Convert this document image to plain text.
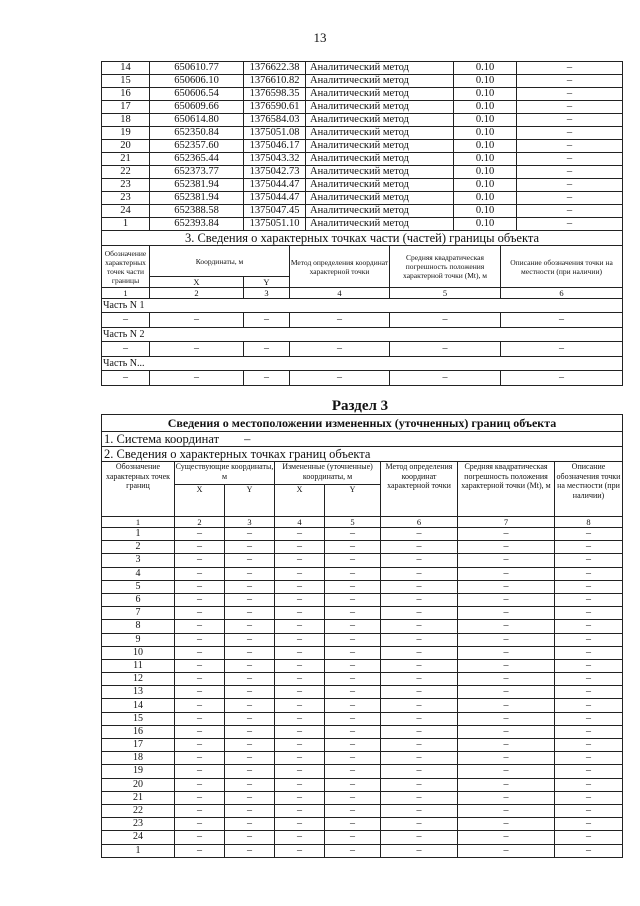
13
14	650610.77	1376622.38		Аналитический метод		0.10		–
15	650606.10	1376610.82		Аналитический метод		0.10		–
16	650606.54	1376598.35		Аналитический метод		0.10		–
17	650609.66	1376590.61		Аналитический метод		0.10		–
18	650614.80	1376584.03		Аналитический метод		0.10		–
19	652350.84	1375051.08		Аналитический метод		0.10		–
20	652357.60	1375046.17		Аналитический метод		0.10		–
21	652365.44	1375043.32		Аналитический метод		0.10		–
22	652373.77	1375042.73		Аналитический метод		0.10		–
23	652381.94	1375044.47		Аналитический метод		0.10		–
23	652381.94	1375044.47		Аналитический метод		0.10		–
24	652388.58	1375047.45		Аналитический метод		0.10		–
1	652393.84	1375051.10		Аналитический метод		0.10		–
3. Сведения о характерных точках части (частей) границы объекта								
Обозначение характерных точек части границы	Координаты, м		Метод определения координат характерной точки		Средняя квадратическая погрешность положения характерной точки (Mt), м		Описание обозначения точки на местности (при наличии)	
	X	Y						
1	2	3	4		5		6	
Часть N 1								
–	–	–	–		–		–	
Часть N 2								
–	–	–	–		–		–	
Часть N...								
–	–	–	–		–		–	
Раздел 3
Сведения о местоположении измененных (уточненных) границ объекта							
1. Система координат –							
2. Сведения о характерных точках границ объекта							
Обозначение характерных точек границ	Существующие координаты, м		Измененные (уточненные) координаты, м		Метод определения координат характерной точки	Средняя квадратическая погрешность положения характерной точки (Mt), м	Описание обозначения точки на местности (при наличии)
	X	Y	X	Y			
1	2	3	4	5	6	7	8
1	–	–	–	–	–	–	–
2	–	–	–	–	–	–	–
3	–	–	–	–	–	–	–
4	–	–	–	–	–	–	–
5	–	–	–	–	–	–	–
6	–	–	–	–	–	–	–
7	–	–	–	–	–	–	–
8	–	–	–	–	–	–	–
9	–	–	–	–	–	–	–
10	–	–	–	–	–	–	–
11	–	–	–	–	–	–	–
12	–	–	–	–	–	–	–
13	–	–	–	–	–	–	–
14	–	–	–	–	–	–	–
15	–	–	–	–	–	–	–
16	–	–	–	–	–	–	–
17	–	–	–	–	–	–	–
18	–	–	–	–	–	–	–
19	–	–	–	–	–	–	–
20	–	–	–	–	–	–	–
21	–	–	–	–	–	–	–
22	–	–	–	–	–	–	–
23	–	–	–	–	–	–	–
24	–	–	–	–	–	–	–
1	–	–	–	–	–	–	–
